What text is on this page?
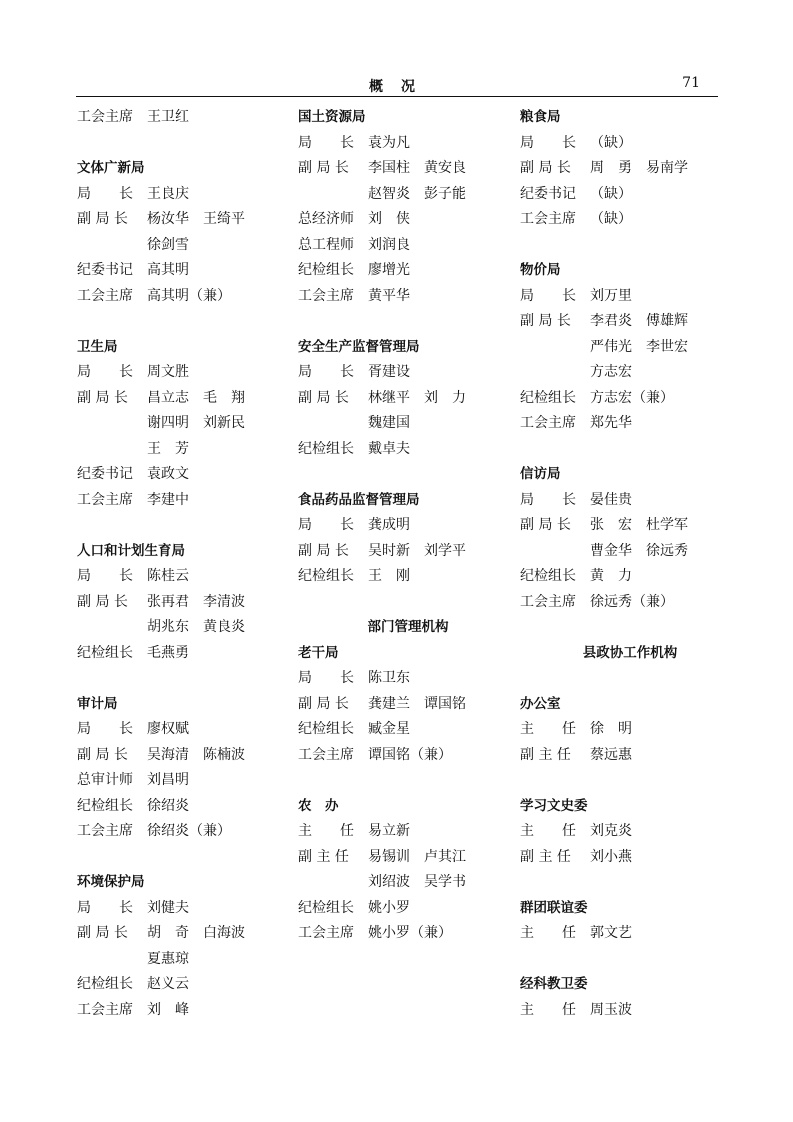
概况	71
工会主席 王卫红
文体广新局
局　　长 王良庆
副 局 长 杨汝华 王绮平
徐剑雪
纪委书记 高其明
工会主席 高其明（兼）
卫生局
局　　长 周文胜
副 局 长 昌立志 毛　翔
谢四明 刘新民
王　芳
纪委书记 袁政文
工会主席 李建中
人口和计划生育局
局　　长 陈桂云
副 局 长 张再君 李清波
胡兆东 黄良炎
纪检组长 毛燕勇
审计局
局　　长 廖权赋
副 局 长 吴海清 陈楠波
总审计师 刘昌明
纪检组长 徐绍炎
工会主席 徐绍炎（兼）
环境保护局
局　　长 刘健夫
副 局 长 胡　奇 白海波
夏惠琼
纪检组长 赵义云
工会主席 刘　峰
国土资源局
局　　长 袁为凡
副 局 长 李国柱 黄安良
赵智炎 彭子能
总经济师 刘　侠
总工程师 刘润良
纪检组长 廖增光
工会主席 黄平华
安全生产监督管理局
局　　长 胥建设
副 局 长 林继平 刘　力
魏建国
纪检组长 戴卓夫
食品药品监督管理局
局　　长 龚成明
副 局 长 吴时新 刘学平
纪检组长 王　刚
部门管理机构
老干局
局　　长 陈卫东
副 局 长 龚建兰 谭国铭
纪检组长 臧金星
工会主席 谭国铭（兼）
农　办
主　　任 易立新
副 主 任 易锡训 卢其江
刘绍波 吴学书
纪检组长 姚小罗
工会主席 姚小罗（兼）
粮食局
局　　长 （缺）
副 局 长 周　勇 易南学
纪委书记 （缺）
工会主席 （缺）
物价局
局　　长 刘万里
副 局 长 李君炎 傅雄辉
严伟光 李世宏
方志宏
纪检组长 方志宏（兼）
工会主席 郑先华
信访局
局　　长 晏佳贵
副 局 长 张　宏 杜学军
曹金华 徐远秀
纪检组长 黄　力
工会主席 徐远秀（兼）
县政协工作机构
办公室
主　　任 徐　明
副 主 任 蔡远惠
学习文史委
主　　任 刘克炎
副 主 任 刘小燕
群团联谊委
主　　任 郭文艺
经科教卫委
主　　任 周玉波
